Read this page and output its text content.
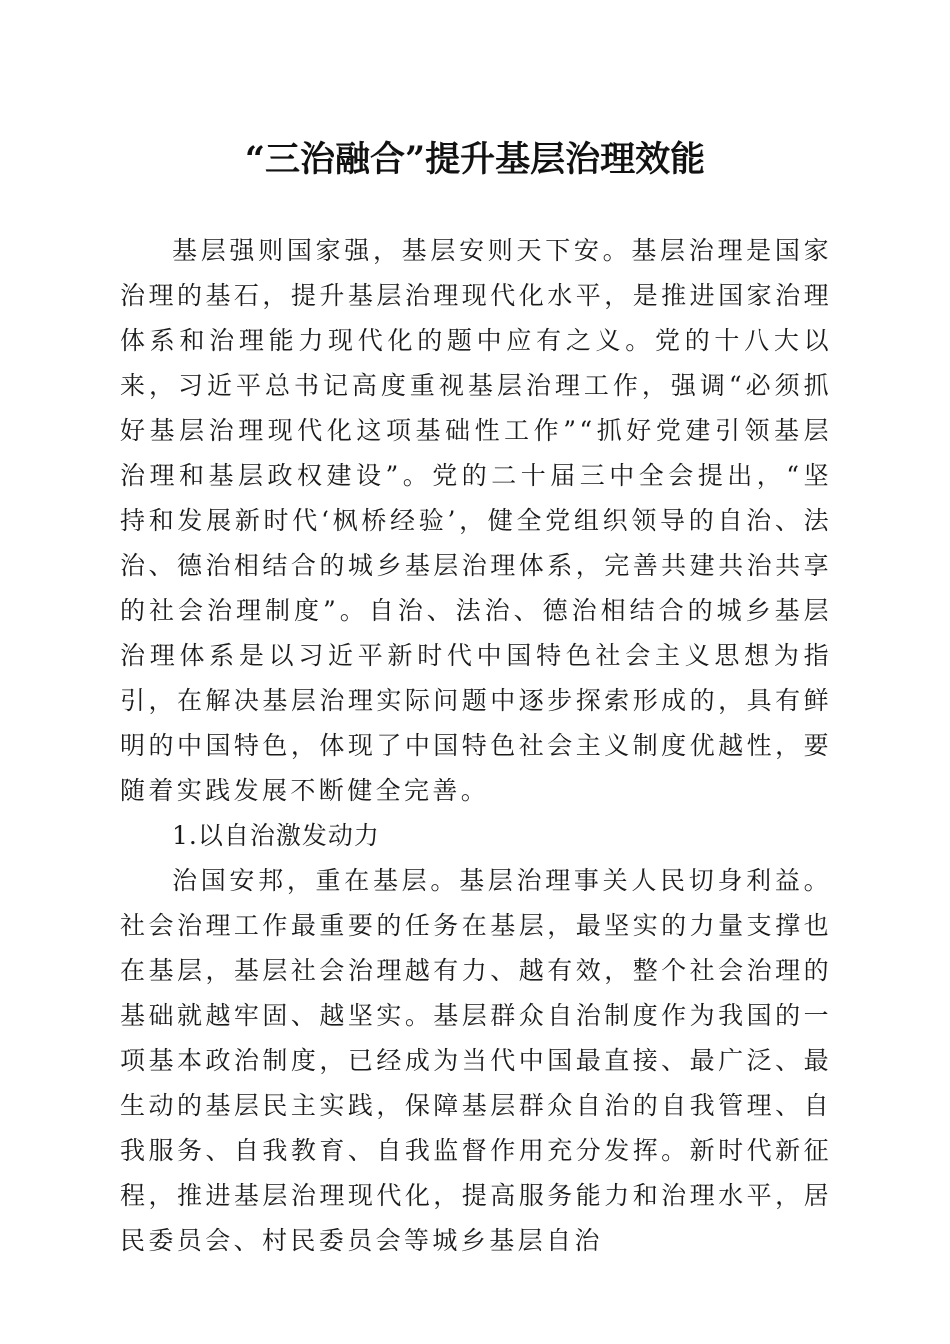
“三治融合”提升基层治理效能

基层强则国家强，基层安则天下安。基层治理是国家治理的基石，提升基层治理现代化水平，是推进国家治理体系和治理能力现代化的题中应有之义。党的十八大以来，习近平总书记高度重视基层治理工作，强调“必须抓好基层治理现代化这项基础性工作”“抓好党建引领基层治理和基层政权建设”。党的二十届三中全会提出，“坚持和发展新时代‘枫桥经验’，健全党组织领导的自治、法治、德治相结合的城乡基层治理体系，完善共建共治共享的社会治理制度”。自治、法治、德治相结合的城乡基层治理体系是以习近平新时代中国特色社会主义思想为指引，在解决基层治理实际问题中逐步探索形成的，具有鲜明的中国特色，体现了中国特色社会主义制度优越性，要随着实践发展不断健全完善。

1.以自治激发动力

治国安邦，重在基层。基层治理事关人民切身利益。社会治理工作最重要的任务在基层，最坚实的力量支撑也在基层，基层社会治理越有力、越有效，整个社会治理的基础就越牢固、越坚实。基层群众自治制度作为我国的一项基本政治制度，已经成为当代中国最直接、最广泛、最生动的基层民主实践，保障基层群众自治的自我管理、自我服务、自我教育、自我监督作用充分发挥。新时代新征程，推进基层治理现代化，提高服务能力和治理水平，居民委员会、村民委员会等城乡基层自治
